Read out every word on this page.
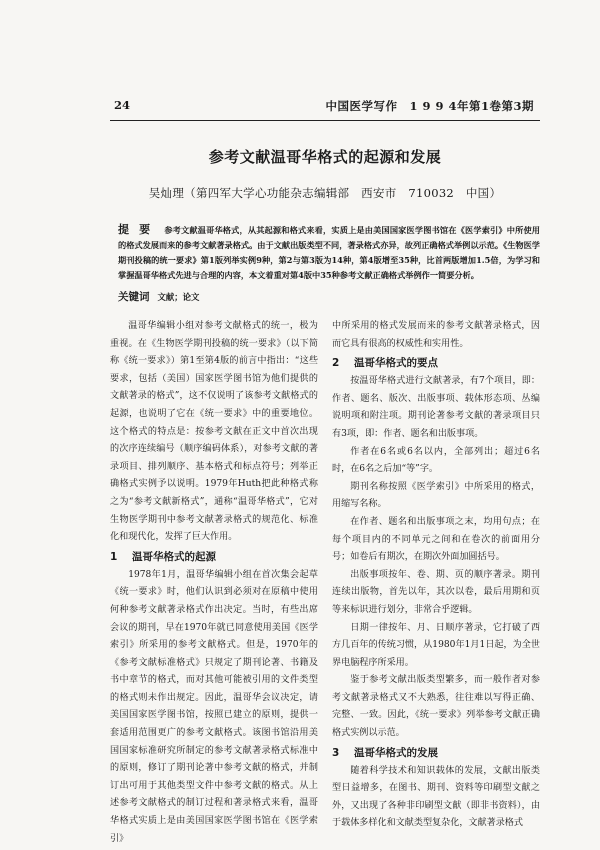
24	中国医学写作　1 9 9 4年第1卷第3期
参考文献温哥华格式的起源和发展
吴灿理（第四军大学心功能杂志编辑部　西安市　710032　中国）
提要 参考文献温哥华格式，从其起源和格式来看，实质上是由美国国家医学图书馆在《医学索引》中所使用的格式发展而来的参考文献著录格式。由于文献出版类型不同，著录格式亦异，故列正确格式举例以示范。《生物医学期刊投稿的统一要求》第1版列举实例9种，第2与第3版为14种，第4版增至35种，比首两版增加1.5倍，为学习和掌握温哥华格式先进与合理的内容，本文着重对第4版中35种参考文献正确格式举例作一简要分析。
关键词 文献；论文

温哥华编辑小组对参考文献格式的统一，极为重视。在《生物医学期刊投稿的统一要求》（以下简称《统一要求》）第1至第4版的前言中指出：“这些要求，包括（美国）国家医学图书馆为他们提供的文献著录的格式”，这不仅说明了该参考文献格式的起源，也说明了它在《统一要求》中的重要地位。这个格式的特点是：按参考文献在正文中首次出现的次序连续编号（顺序编码体系），对参考文献的著录项目、排列顺序、基本格式和标点符号；列举正确格式实例予以说明。1979年Huth把此种格式称之为“参考文献新格式”，通称“温哥华格式”，它对生物医学期刊中参考文献著录格式的规范化、标准化和现代化，发挥了巨大作用。

1 温哥华格式的起源

1978年1月，温哥华编辑小组在首次集会起草《统一要求》时，他们认识到必须对在原稿中使用何种参考文献著录格式作出决定。当时，有些出席会议的期刊，早在1970年就已同意使用美国《医学索引》所采用的参考文献格式。但是，1970年的《参考文献标准格式》只规定了期刊论著、书籍及书中章节的格式，而对其他可能被引用的文件类型的格式则未作出规定。因此，温哥华会议决定，请美国国家医学图书馆，按照已建立的原则，提供一套适用范围更广的参考文献格式。该图书馆沿用美国国家标准研究所制定的参考文献著录格式标准中的原则，修订了期刊论著中参考文献的格式，并制订出可用于其他类型文件中参考文献的格式。从上述参考文献格式的制订过程和著录格式来看，温哥华格式实质上是由美国国家医学图书馆在《医学索引》

中所采用的格式发展而来的参考文献著录格式，因而它具有很高的权威性和实用性。

2 温哥华格式的要点

按温哥华格式进行文献著录，有7个项目，即：作者、题名、版次、出版事项、载体形态项、丛编说明项和附注项。期刊论著参考文献的著录项目只有3项，即：作者、题名和出版事项。

作者在6名或6名以内，全部列出；超过6名时，在6名之后加“等”字。

期刊名称按照《医学索引》中所采用的格式，用缩写名称。

在作者、题名和出版事项之末，均用句点；在每个项目内的不同单元之间和在卷次的前面用分号；如卷后有期次，在期次外面加圆括号。

出版事项按年、卷、期、页的顺序著录。期刊连续出版物，首先以年，其次以卷，最后用期和页等来标识进行划分，非常合乎逻辑。

日期一律按年、月、日顺序著录，它打破了西方几百年的传统习惯，从1980年1月1日起，为全世界电脑程序所采用。

鉴于参考文献出版类型繁多，而一般作者对参考文献著录格式又不大熟悉，往往难以写得正确、完整、一致。因此，《统一要求》列举参考文献正确格式实例以示范。

3 温哥华格式的发展

随着科学技术和知识载体的发展，文献出版类型日益增多，在图书、期刊、资料等印刷型文献之外，又出现了各种非印刷型文献（即非书资料），由于载体多样化和文献类型复杂化，文献著录格式
